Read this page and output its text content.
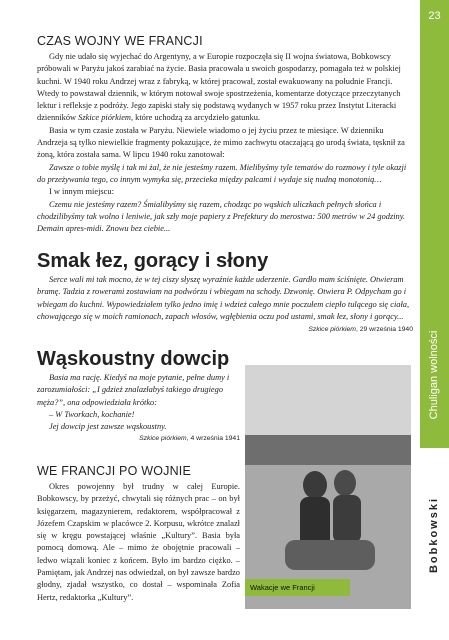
23
Chuligan wolności
Bobkowski
CZAS WOJNY WE FRANCJI

Gdy nie udało się wyjechać do Argentyny, a w Europie rozpoczęła się II wojna światowa, Bobkowscy próbowali w Paryżu jakoś zarabiać na życie. Basia pracowała u swoich gospodarzy, pomagała też w polskiej kuchni. W 1940 roku Andrzej wraz z fabryką, w której pracował, został ewakuowany na południe Francji. Wtedy to powstawał dziennik, w którym notował swoje spostrzeżenia, komentarze dotyczące przeczytanych lektur i refleksje z podróży. Jego zapiski stały się podstawą wydanych w 1957 roku przez Instytut Literacki dzienników Szkice piórkiem, które uchodzą za arcydzieło gatunku.

Basia w tym czasie została w Paryżu. Niewiele wiadomo o jej życiu przez te miesiące. W dzienniku Andrzeja są tylko niewielkie fragmenty pokazujące, że mimo zachwytu otaczającą go urodą świata, tęsknił za żoną, która została sama. W lipcu 1940 roku zanotował:

Zawsze o tobie myślę i tak mi żal, że nie jesteśmy razem. Mielibyśmy tyle tematów do rozmowy i tyle okazji do przeżywania tego, co innym wymyka się, przecieka między palcami i wydaje się nudną monotonią…

I w innym miejscu:

Czemu nie jesteśmy razem? Śmialibyśmy się razem, chodząc po wąskich uliczkach pełnych słońca i chodzilibyśmy tak wolno i leniwie, jak szły moje papiery z Prefektury do merostwa: 500 metrów w 24 godziny. Demain apres-midi. Znowu bez ciebie...

Smak łez, gorący i słony

Serce wali mi tak mocno, że w tej ciszy słyszę wyraźnie każde uderzenie. Gardło mam ściśnięte. Otwieram bramę. Tadzia z rowerami zostawiam na podwórzu i wbiegam na schody. Dzwonię. Otwiera P. Odpycham go i wbiegam do kuchni. Wypowiedziałem tylko jedno imię i wdzież całego mnie poczułem ciepło tulącego się ciała, chowającego się w moich ramionach, zapach włosów, wgłębienia oczu pod ustami, smak łez, słony i gorący...

Szkice piórkiem, 29 września 1940
Wąskoustny dowcip

Basia ma rację. Kiedyś na moje pytanie, pełne dumy i zarozumiałości: „I gdzież znalazłabyś takiego drugiego męża?”, ona odpowiedziała krótko:

– W Tworkach, kochanie!

Jej dowcip jest zawsze wąskoustny.

Szkice piórkiem, 4 września 1941
WE FRANCJI PO WOJNIE

Okres powojenny był trudny w całej Europie. Bobkowscy, by przeżyć, chwytali się różnych prac – on był księgarzem, magazynierem, redaktorem, współpracował z Józefem Czapskim w placówce 2. Korpusu, wkrótce znalazł się w kręgu powstającej właśnie „Kultury”. Basia była pomocą domową. Ale – mimo że obojętnie pracowali – ledwo wiązali koniec z końcem. Było im bardzo ciężko. – Pamiętam, jak Andrzej nas odwiedzał, on był zawsze bardzo głodny, zjadał wszystko, co dostał – wspominała Zofia Hertz, redaktorka „Kultury”.

Wakacje we Francji
